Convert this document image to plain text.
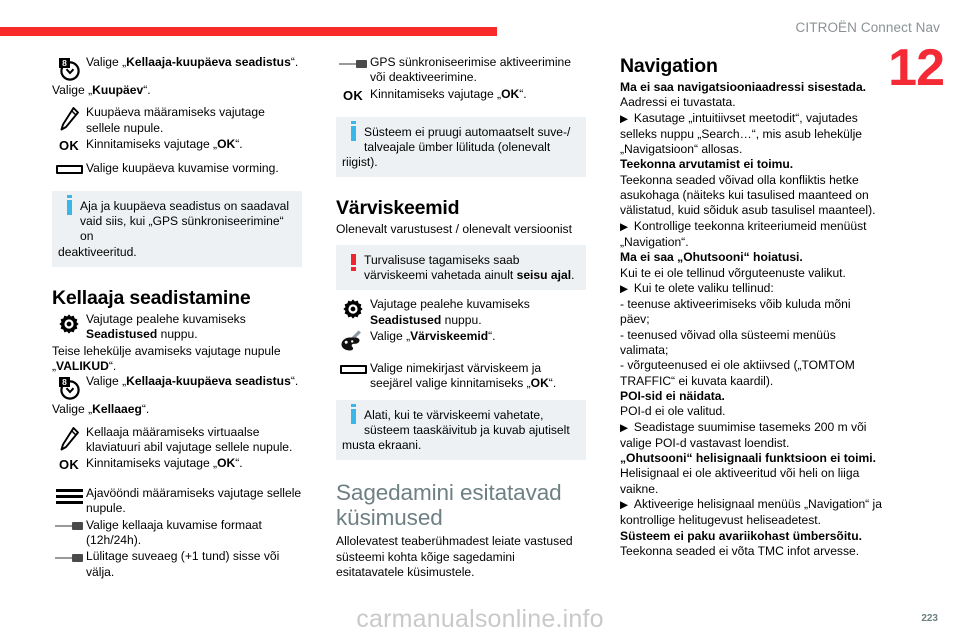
CITROËN Connect Nav
12
8 Valige „Kellaaja-kuupäeva seadistus“.
Valige „Kuupäev“.
Kuupäeva määramiseks vajutage sellele nupule.
OK Kinnitamiseks vajutage „OK“.
Valige kuupäeva kuvamise vorming.
Aja ja kuupäeva seadistus on saadaval vaid siis, kui „GPS sünkroniseerimine“ on
deaktiveeritud.
Kellaaja seadistamine
Vajutage pealehe kuvamiseks Seadistused nuppu.
Teise lehekülje avamiseks vajutage nupule „VALIKUD“.
8 Valige „Kellaaja-kuupäeva seadistus“.
Valige „Kellaaeg“.
Kellaaja määramiseks virtuaalse klaviatuuri abil vajutage sellele nupule.
OK Kinnitamiseks vajutage „OK“.
Ajavööndi määramiseks vajutage sellele nupule.
Valige kellaaja kuvamise formaat (12h/24h).
Lülitage suveaeg (+1 tund) sisse või välja.
GPS sünkroniseerimise aktiveerimine või deaktiveerimine.
OK Kinnitamiseks vajutage „OK“.
Süsteem ei pruugi automaatselt suve-/ talveajale ümber lülituda (olenevalt
riigist).
Värviskeemid
Olenevalt varustusest / olenevalt versioonist
Turvalisuse tagamiseks saab värviskeemi vahetada ainult seisu ajal.
Vajutage pealehe kuvamiseks Seadistused nuppu.
Valige „Värviskeemid“.
Valige nimekirjast värviskeem ja seejärel valige kinnitamiseks „OK“.
Alati, kui te värviskeemi vahetate, süsteem taaskäivitub ja kuvab ajutiselt
musta ekraani.
Sagedamini esitatavad küsimused
Allolevatest teaberühmadest leiate vastused süsteemi kohta kõige sagedamini esitatavatele küsimustele.
Navigation
Ma ei saa navigatsiooniaadressi sisestada.
Aadressi ei tuvastata.
▶  Kasutage „intuitiivset meetodit“, vajutades selleks nuppu „Search…“, mis asub lehekülje „Navigatsioon“ allosas.
Teekonna arvutamist ei toimu.
Teekonna seaded võivad olla konfliktis hetke asukohaga (näiteks kui tasulised maanteed on välistatud, kuid sõiduk asub tasulisel maanteel).
▶  Kontrollige teekonna kriteeriumeid menüüst „Navigation“.
Ma ei saa „Ohutsooni“ hoiatusi.
Kui te ei ole tellinud võrguteenuste valikut.
▶  Kui te olete valiku tellinud:
- teenuse aktiveerimiseks võib kuluda mõni päev;
- teenused võivad olla süsteemi menüüs valimata;
- võrguteenused ei ole aktiivsed („TOMTOM TRAFFIC“ ei kuvata kaardil).
POI-sid ei näidata.
POI-d ei ole valitud.
▶  Seadistage suumimise tasemeks 200 m või valige POI-d vastavast loendist.
„Ohutsooni“ helisignaali funktsioon ei toimi.
Helisignaal ei ole aktiveeritud või heli on liiga vaikne.
▶  Aktiveerige helisignaal menüüs „Navigation“ ja kontrollige helitugevust heliseadetest.
Süsteem ei paku avariikohast ümbersõitu.
Teekonna seaded ei võta TMC infot arvesse.
carmanualsonline.info	223
